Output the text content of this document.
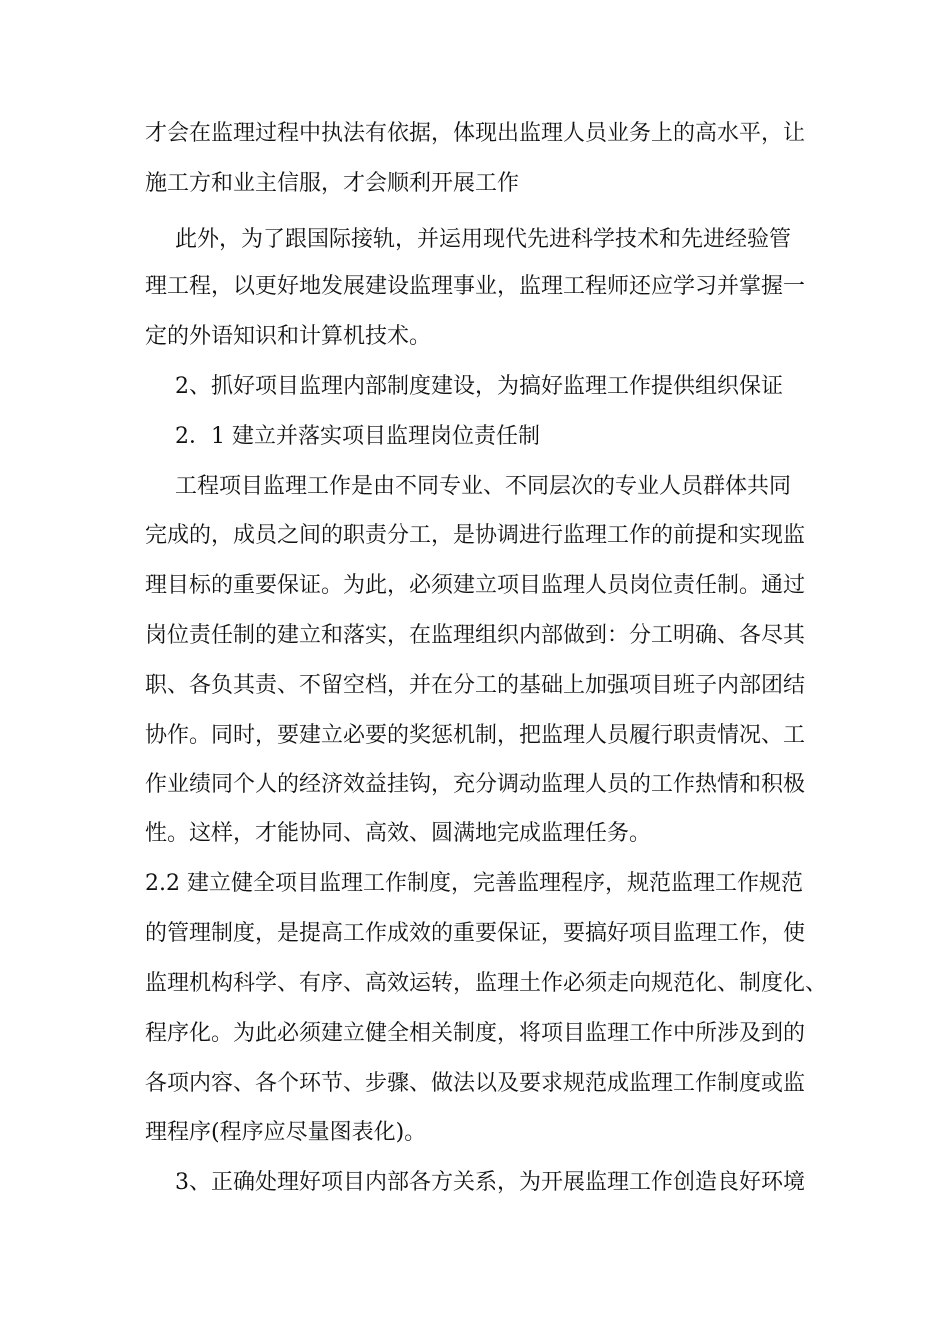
才会在监理过程中执法有依据，体现出监理人员业务上的高水平，让
施工方和业主信服，才会顺利开展工作
此外，为了跟国际接轨，并运用现代先进科学技术和先进经验管
理工程，以更好地发展建设监理事业，监理工程师还应学习并掌握一
定的外语知识和计算机技术。
2、抓好项目监理内部制度建设，为搞好监理工作提供组织保证
2．1 建立并落实项目监理岗位责任制
工程项目监理工作是由不同专业、不同层次的专业人员群体共同
完成的，成员之间的职责分工，是协调进行监理工作的前提和实现监
理目标的重要保证。为此，必须建立项目监理人员岗位责任制。通过
岗位责任制的建立和落实，在监理组织内部做到：分工明确、各尽其
职、各负其责、不留空档，并在分工的基础上加强项目班子内部团结
协作。同时，要建立必要的奖惩机制，把监理人员履行职责情况、工
作业绩同个人的经济效益挂钩，充分调动监理人员的工作热情和积极
性。这样，才能协同、高效、圆满地完成监理任务。
2.2 建立健全项目监理工作制度，完善监理程序，规范监理工作规范
的管理制度，是提高工作成效的重要保证，要搞好项目监理工作，使
监理机构科学、有序、高效运转，监理土作必须走向规范化、制度化、
程序化。为此必须建立健全相关制度，将项目监理工作中所涉及到的
各项内容、各个环节、步骤、做法以及要求规范成监理工作制度或监
理程序(程序应尽量图表化)。
3、正确处理好项目内部各方关系，为开展监理工作创造良好环境
